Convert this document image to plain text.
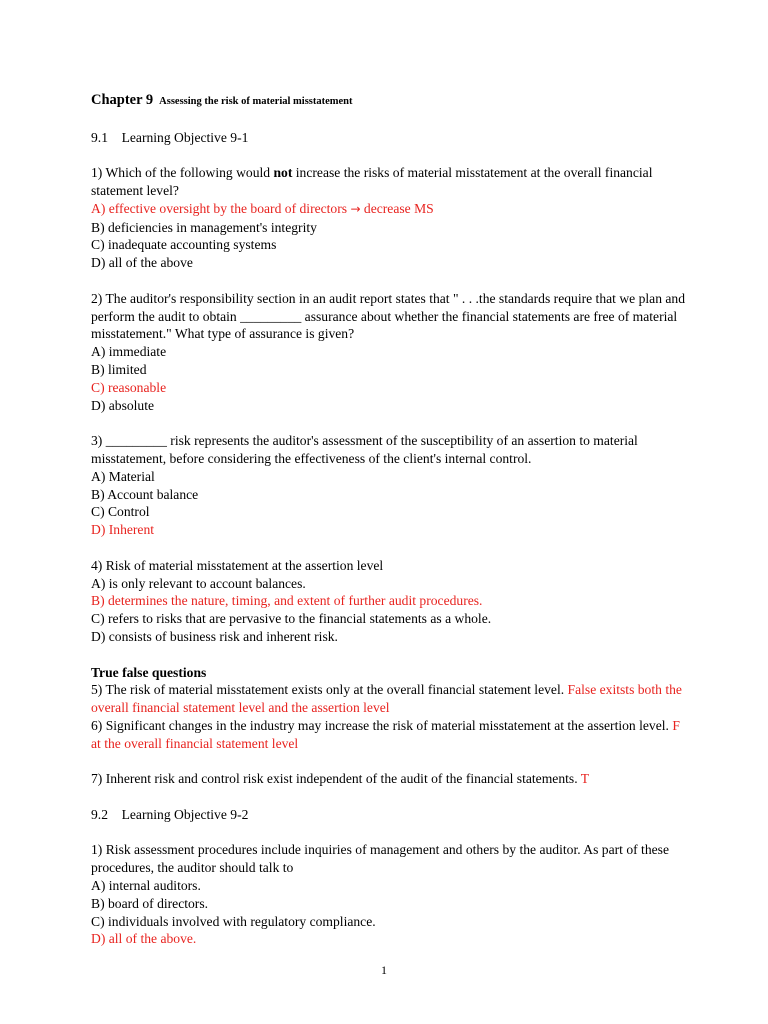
Chapter 9 Assessing the risk of material misstatement
9.1    Learning Objective 9-1
1) Which of the following would not increase the risks of material misstatement at the overall financial statement level?
A) effective oversight by the board of directors → decrease MS
B) deficiencies in management's integrity
C) inadequate accounting systems
D) all of the above
2) The auditor's responsibility section in an audit report states that " . . .the standards require that we plan and perform the audit to obtain _________ assurance about whether the financial statements are free of material misstatement." What type of assurance is given?
A) immediate
B) limited
C) reasonable
D) absolute
3) _________ risk represents the auditor's assessment of the susceptibility of an assertion to material misstatement, before considering the effectiveness of the client's internal control.
A) Material
B) Account balance
C) Control
D) Inherent
4) Risk of material misstatement at the assertion level
A) is only relevant to account balances.
B) determines the nature, timing, and extent of further audit procedures.
C) refers to risks that are pervasive to the financial statements as a whole.
D) consists of business risk and inherent risk.
True false questions
5) The risk of material misstatement exists only at the overall financial statement level. False exitsts both the overall financial statement level and the assertion level
6) Significant changes in the industry may increase the risk of material misstatement at the assertion level. F at the overall financial statement level
7) Inherent risk and control risk exist independent of the audit of the financial statements. T
9.2    Learning Objective 9-2
1) Risk assessment procedures include inquiries of management and others by the auditor. As part of these procedures, the auditor should talk to
A) internal auditors.
B) board of directors.
C) individuals involved with regulatory compliance.
D) all of the above.
1
